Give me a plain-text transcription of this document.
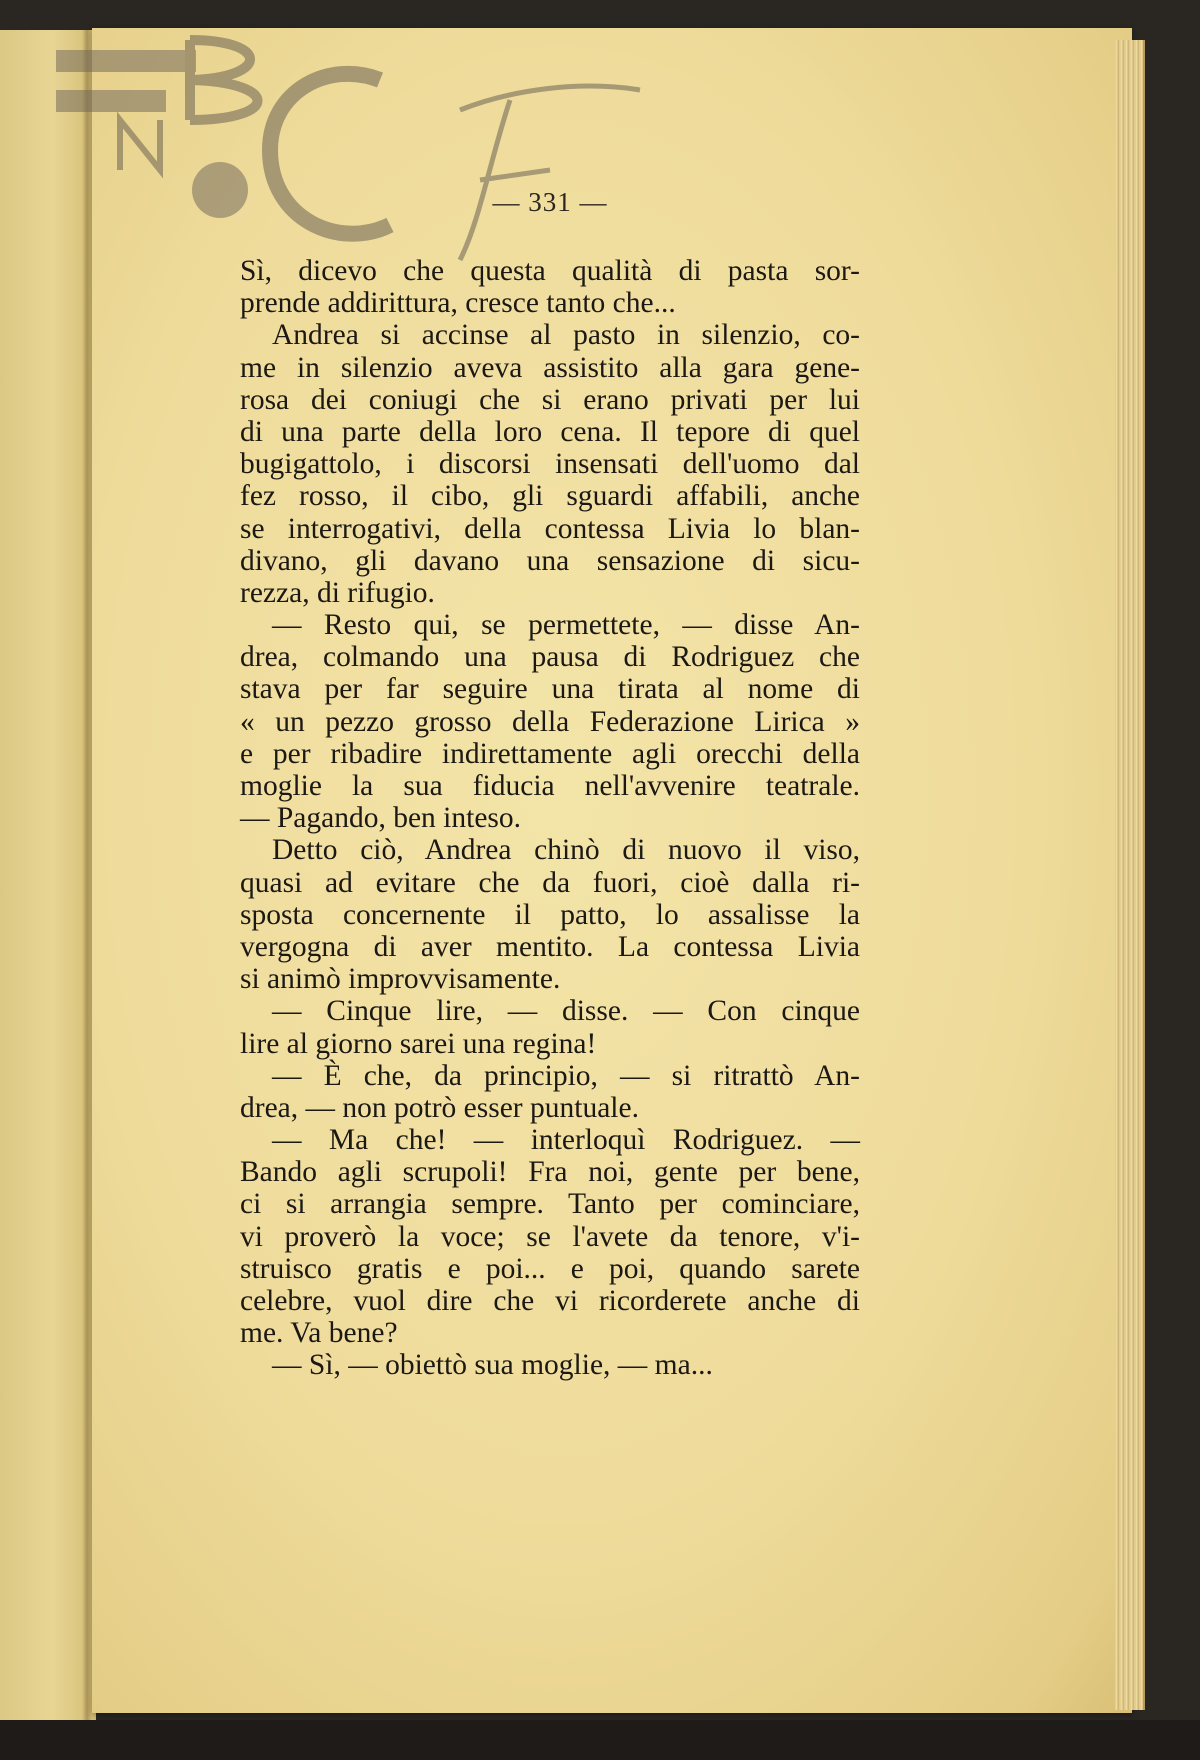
— 331 —
Sì, dicevo che questa qualità di pasta sor-
prende addirittura, cresce tanto che...
Andrea si accinse al pasto in silenzio, co-
me in silenzio aveva assistito alla gara gene-
rosa dei coniugi che si erano privati per lui
di una parte della loro cena. Il tepore di quel
bugigattolo, i discorsi insensati dell'uomo dal
fez rosso, il cibo, gli sguardi affabili, anche
se interrogativi, della contessa Livia lo blan-
divano, gli davano una sensazione di sicu-
rezza, di rifugio.
— Resto qui, se permettete, — disse An-
drea, colmando una pausa di Rodriguez che
stava per far seguire una tirata al nome di
« un pezzo grosso della Federazione Lirica »
e per ribadire indirettamente agli orecchi della
moglie la sua fiducia nell'avvenire teatrale.
— Pagando, ben inteso.
Detto ciò, Andrea chinò di nuovo il viso,
quasi ad evitare che da fuori, cioè dalla ri-
sposta concernente il patto, lo assalisse la
vergogna di aver mentito. La contessa Livia
si animò improvvisamente.
— Cinque lire, — disse. — Con cinque
lire al giorno sarei una regina!
— È che, da principio, — si ritrattò An-
drea, — non potrò esser puntuale.
— Ma che! — interloquì Rodriguez. —
Bando agli scrupoli! Fra noi, gente per bene,
ci si arrangia sempre. Tanto per cominciare,
vi proverò la voce; se l'avete da tenore, v'i-
struisco gratis e poi... e poi, quando sarete
celebre, vuol dire che vi ricorderete anche di
me. Va bene?
— Sì, — obiettò sua moglie, — ma...
